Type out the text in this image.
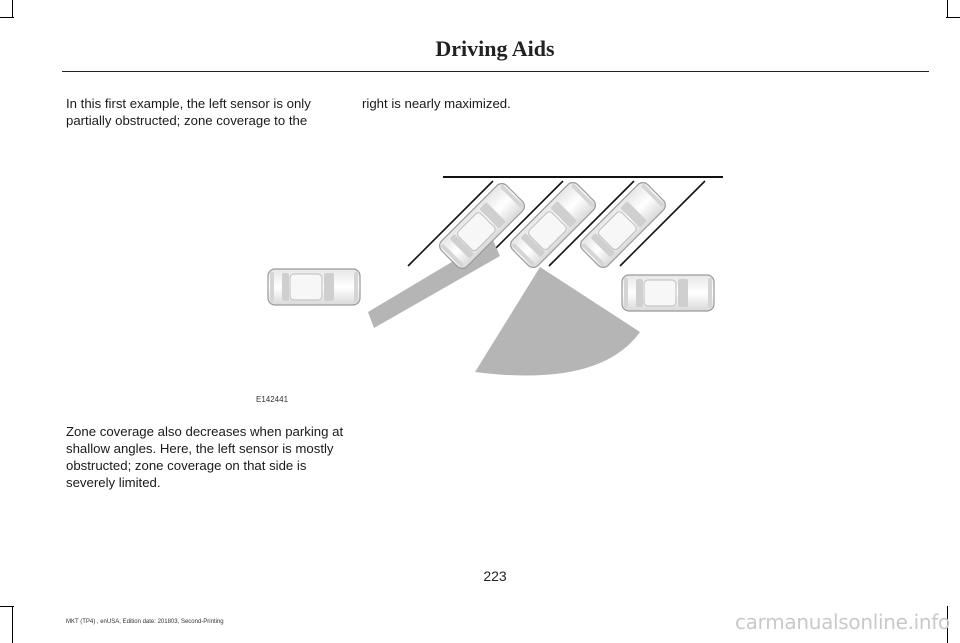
Driving Aids
In this first example, the left sensor is only partially obstructed; zone coverage to the
right is nearly maximized.
E142441
Zone coverage also decreases when parking at shallow angles. Here, the left sensor is mostly obstructed; zone coverage on that side is severely limited.
223
MKT (TP4) , enUSA, Edition date: 201803, Second-Printing	carmanualsonline.info
